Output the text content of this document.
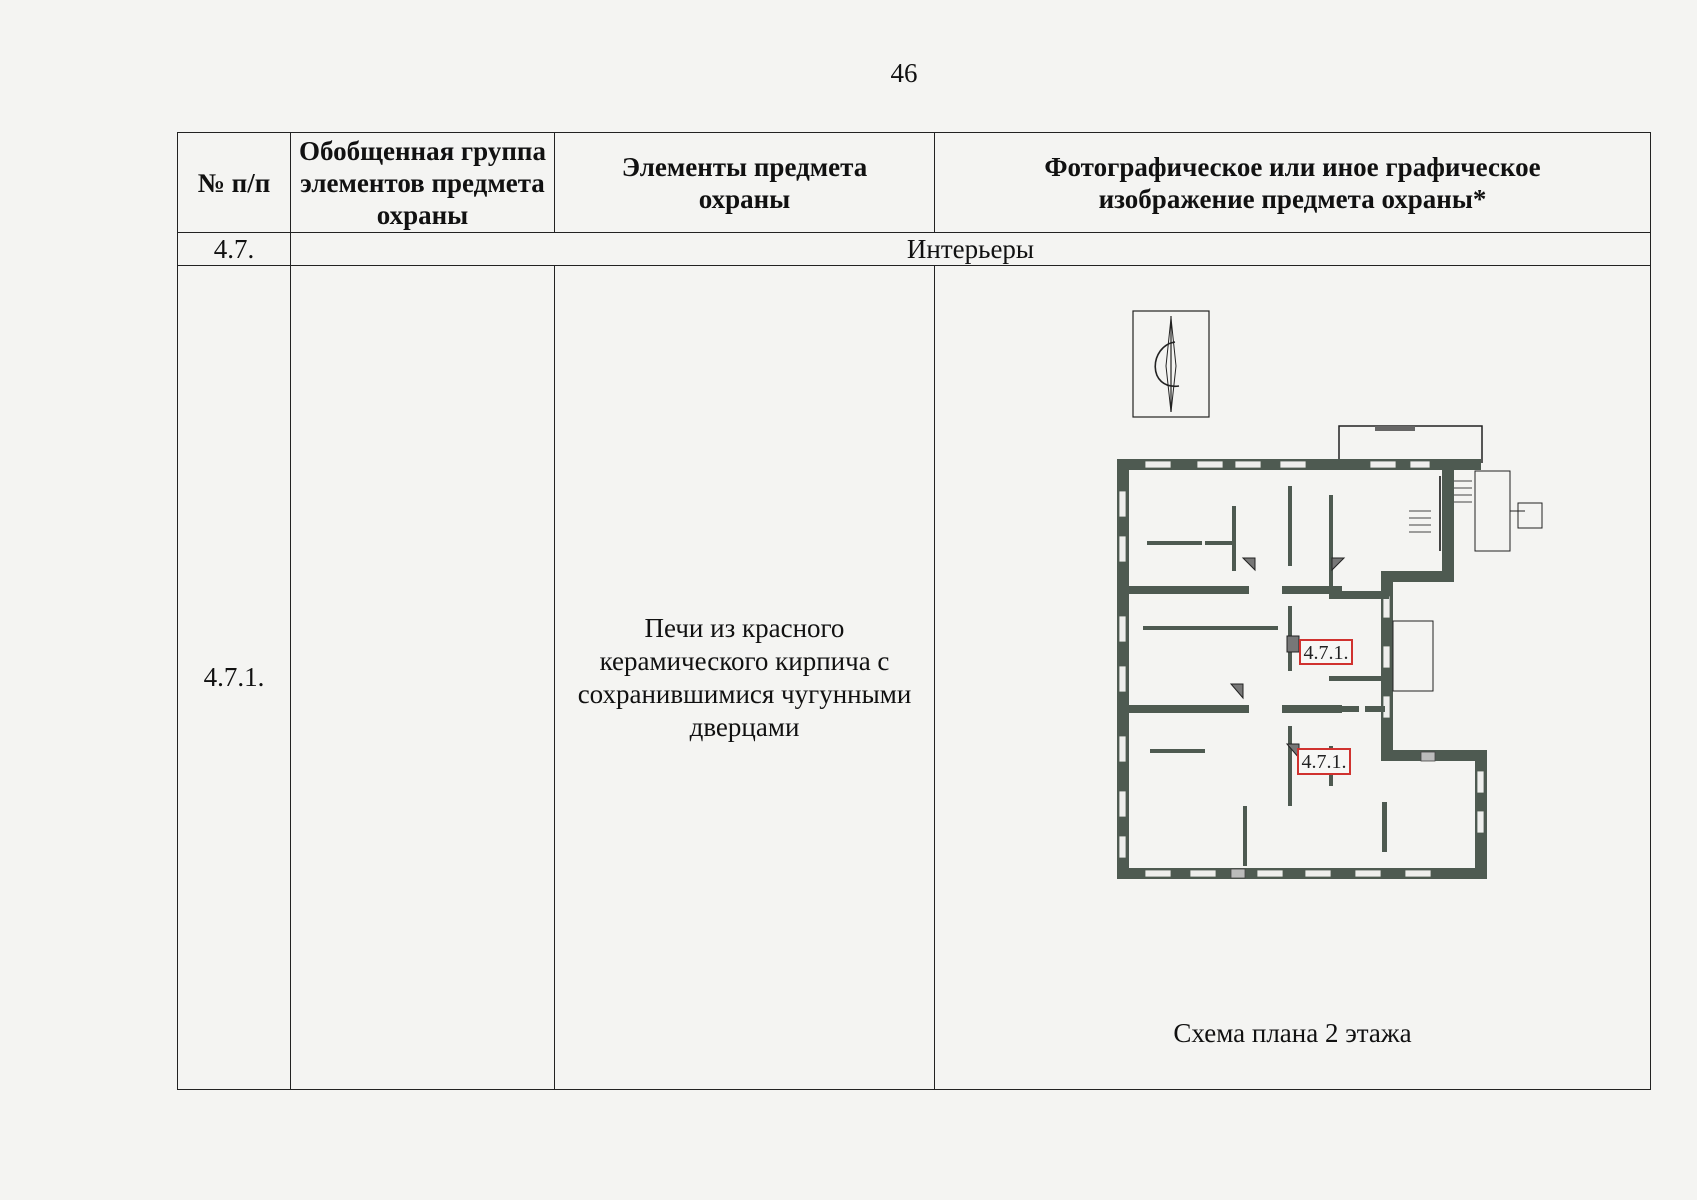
46
№ п/п	Обобщенная группа элементов предмета охраны	Элементы предмета охраны	Фотографическое или иное графическое изображение предмета охраны*
4.7.	Интерьеры		
4.7.1.		Печи из красного керамического кирпича с сохранившимися чугунными дверцами	4.7.1.
4.7.1.
Схема плана 2 этажа
